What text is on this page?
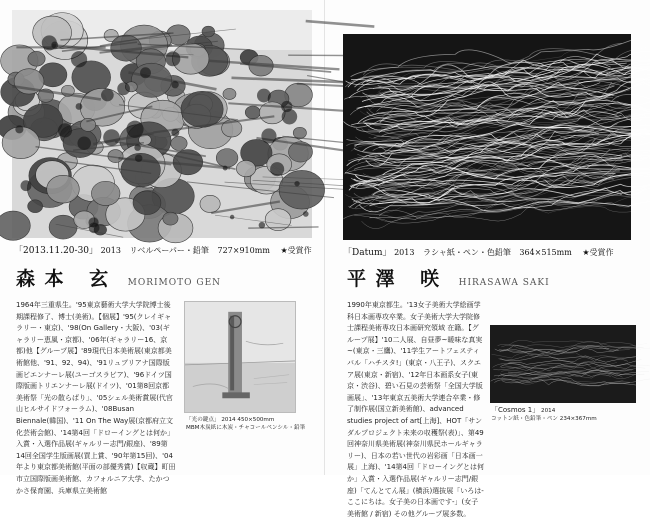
「2013.11.20-30」 2013 リベルペーパー・鉛筆 727×910mm ★受賞作
森本 玄 MORIMOTO GEN
1964年三重県生。'95東京藝術大学大学院博士後期課程修了、博士(美術)。【個展】'95(クレイギャラリー・東京)、'98(On Gallery・大阪)、'03(ギャラリー恵風・京都)、'06年(ギャラリー16、京都)他【グループ展】'89現代日本美術展(東京都美術館他、'91、92、94)、'91リュブリアナ国際版画ビエンナーレ展(ユーゴスラビア)、'96ドイツ国際版画トリエンナーレ展(ドイツ)、'01第8回京都美術祭「光の散らばり」、'05シェル美術賞展(代官山ヒルサイドフォーラム)、'08Busan Biennale(韓国)、'11 On The Way展(京都府立文化芸術会館)、'14第4回「ドローイングとは何か」入賞・入選作品展(ギャルリー志門/銀座)、'89第14回全国学生版画展(買上賞、'90年第15回)、'04年より東京都美術館(平面の部優秀賞)【収蔵】町田市立国際版画美術館、カフォルニア大学、たかつかさ保育園、兵庫県立美術館
「光の鍵点」 2014 450×500mm
MBM木炭紙に木炭・チャコールペンシル・鉛筆
「Datum」 2013 ラシャ紙・ペン・色鉛筆 364×515mm ★受賞作
平澤 咲 HIRASAWA SAKI
1990年東京都生。'13女子美術大学絵画学科日本画専攻卒業。女子美術大学大学院修士課程美術専攻日本画研究領域 在籍。【グループ展】'10二人展、自昼夢~暖味な真実~(東京・三鷹)、'11学生アートフェスティバル「ハチスタ!」(東京・八王子)、スクエア展(東京・新宿)、'12年日本画系女子(東京・渋谷)、碧い石見の芸術祭「全国大学版画展」、'13年東京五美術大学連合卒業・修了制作展(国立新美術館)、advanced studies project of art[上海]、HOT「サンダルプロジェクト未来の収穫祭(表)」、第49回神奈川県美術展(神奈川県民ホールギャラリー)、日本の若い世代の岩彩画「日本画一展」上海)、'14第4回「ドローイングとは何か」入賞・入選作品展(ギャルリー志門/銀座)「てんとてん展」(横浜)選抜展「いろは-ここにちは。女子美の日本画です-」(女子美術館 / 新宿) その他グループ展多数。
「Cosmos 1」 2014
コットン紙・色鉛筆・ペン 234×367mm
